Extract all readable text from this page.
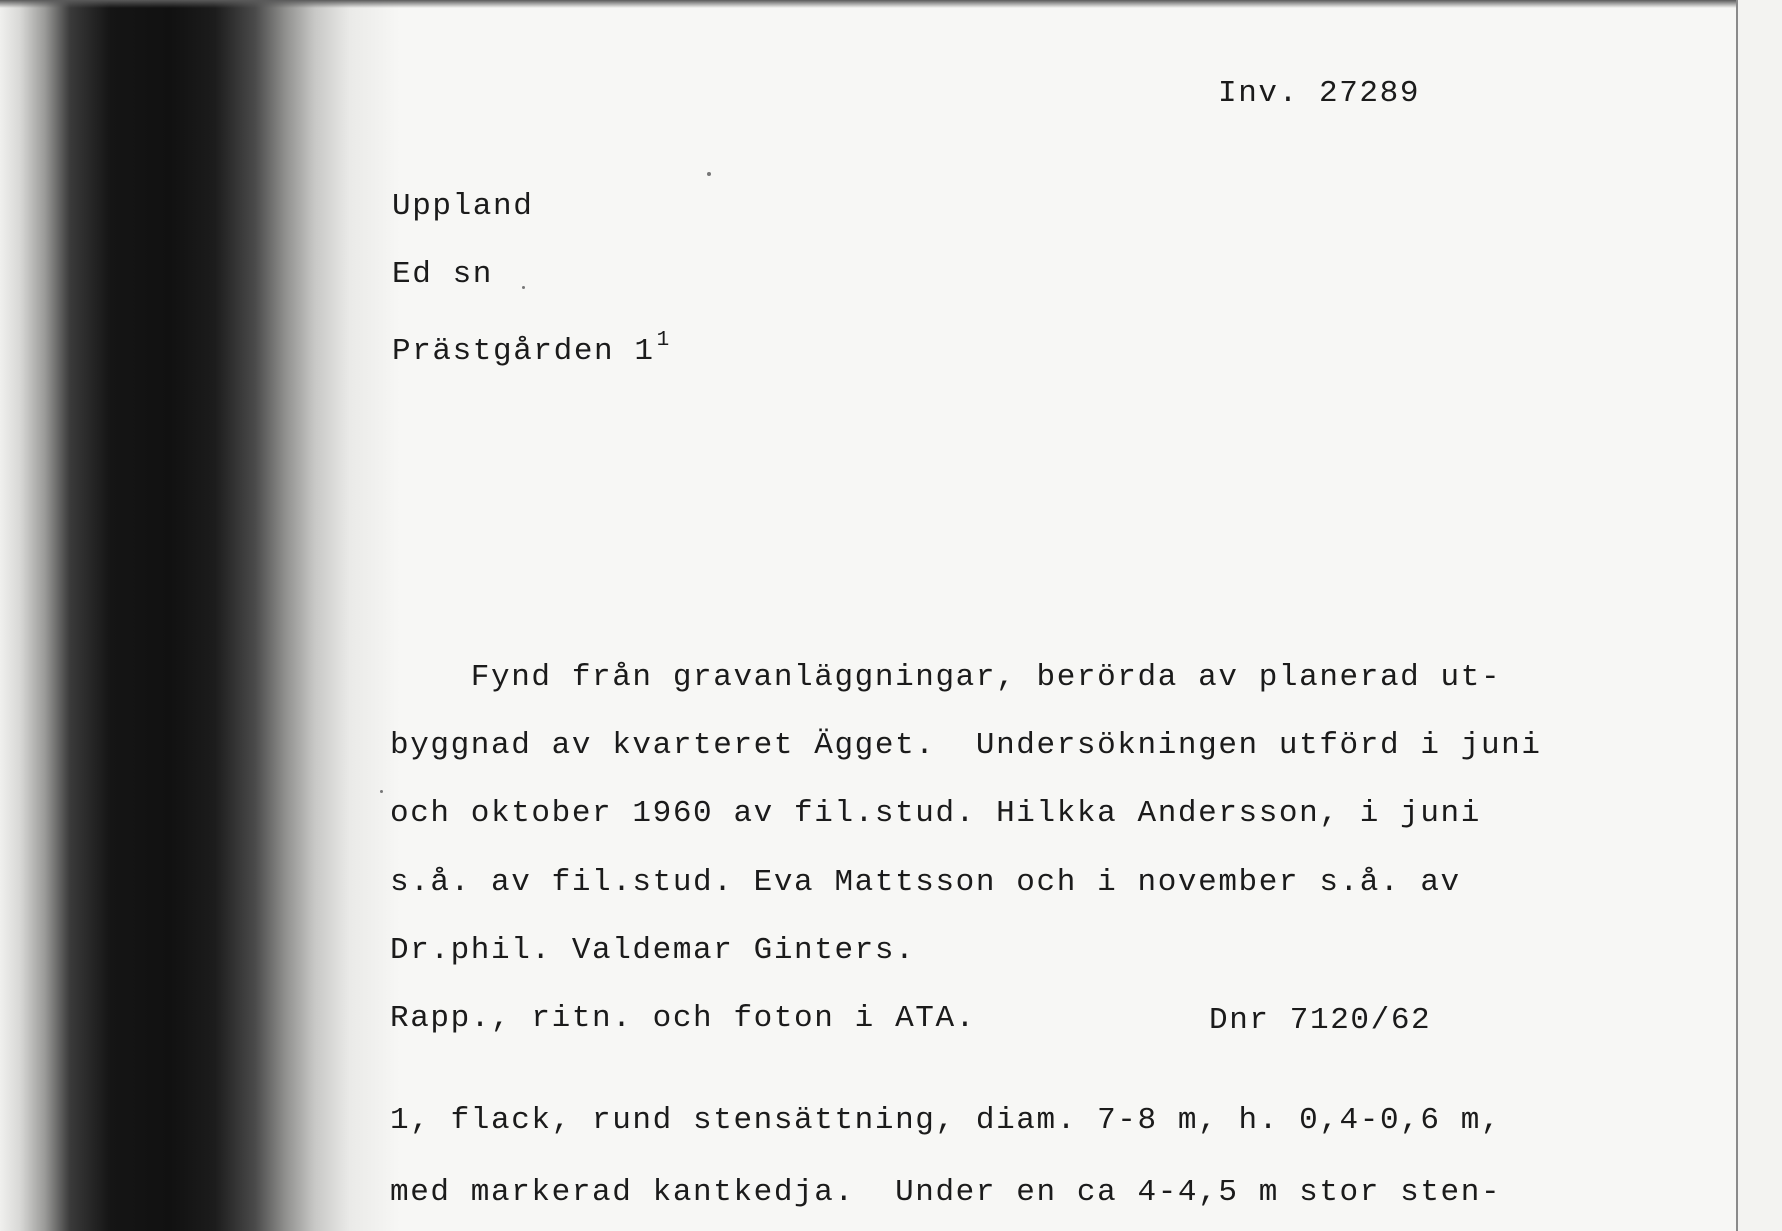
Inv. 27289
Uppland
Ed sn
Prästgården $1^1$
Fynd från gravanläggningar, berörda av planerad ut-
byggnad av kvarteret Ägget.  Undersökningen utförd i juni
och oktober 1960 av fil.stud. Hilkka Andersson, i juni
s.å. av fil.stud. Eva Mattsson och i november s.å. av
Dr.phil. Valdemar Ginters.
Rapp., ritn. och foton i ATA.	Dnr 7120/62
1, flack, rund stensättning, diam. 7-8 m, h. 0,4-0,6 m,
med markerad kantkedja.  Under en ca 4-4,5 m stor sten-
